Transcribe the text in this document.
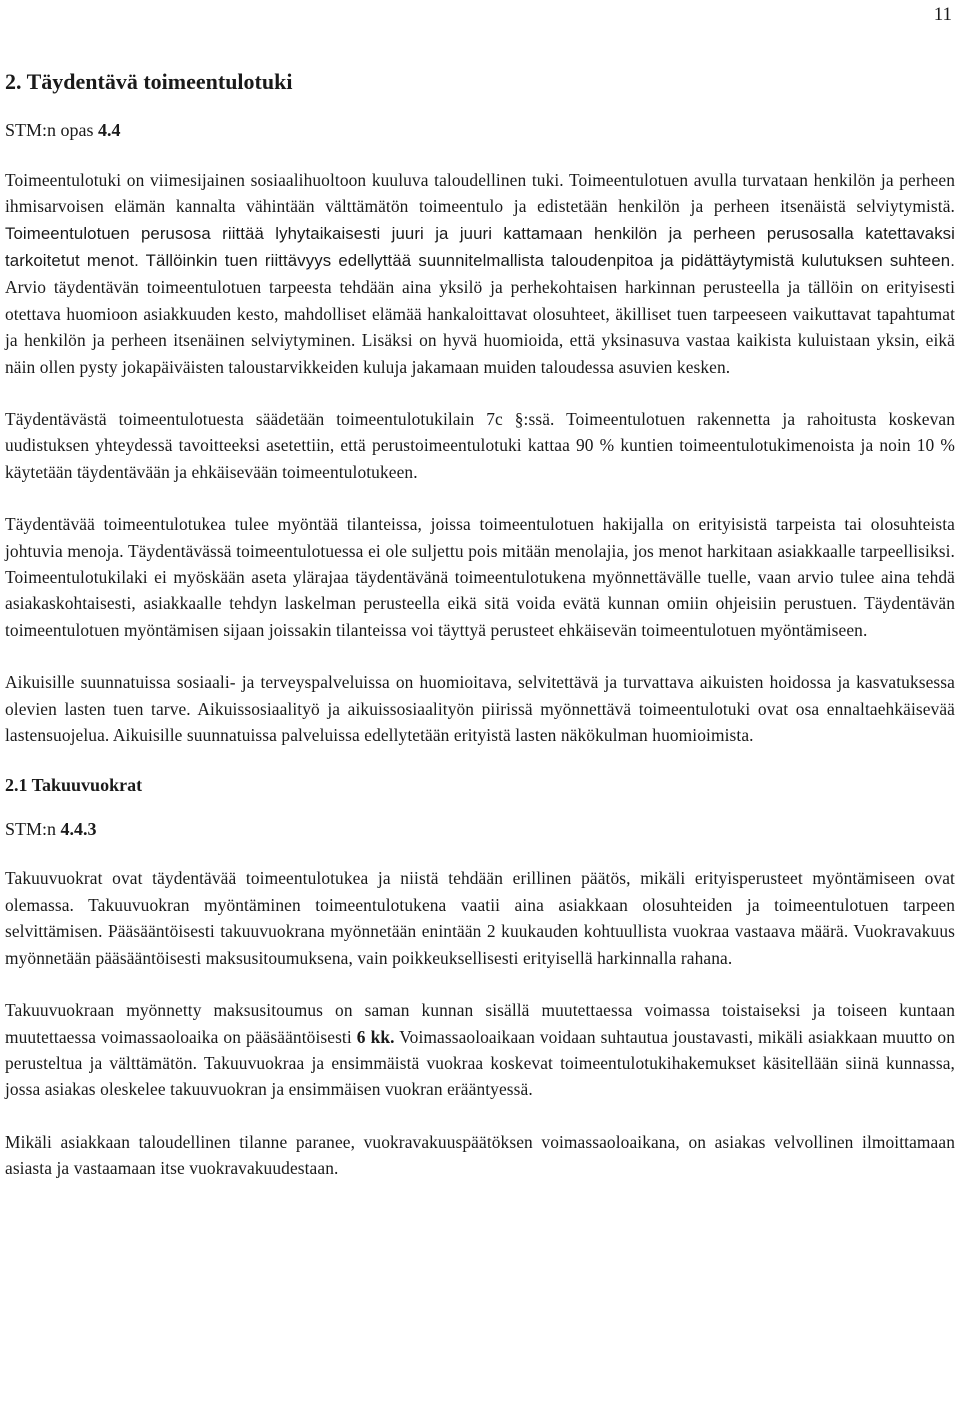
11
2. Täydentävä toimeentulotuki
STM:n opas 4.4

Toimeentulotuki on viimesijainen sosiaalihuoltoon kuuluva taloudellinen tuki. Toimeentulotuen avulla turvataan henkilön ja perheen ihmisarvoisen elämän kannalta vähintään välttämätön toimeentulo ja edistetään henkilön ja perheen itsenäistä selviytymistä. Toimeentulotuen perusosa riittää lyhytaikaisesti juuri ja juuri kattamaan henkilön ja perheen perusosalla katettavaksi tarkoitetut menot. Tällöinkin tuen riittävyys edellyttää suunnitelmallista taloudenpitoa ja pidättäytymistä kulutuksen suhteen. Arvio täydentävän toimeentulotuen tarpeesta tehdään aina yksilö ja perhekohtaisen harkinnan perusteella ja tällöin on erityisesti otettava huomioon asiakkuuden kesto, mahdolliset elämää hankaloittavat olosuhteet, äkilliset tuen tarpeeseen vaikuttavat tapahtumat ja henkilön ja perheen itsenäinen selviytyminen. Lisäksi on hyvä huomioida, että yksinasuva vastaa kaikista kuluistaan yksin, eikä näin ollen pysty jokapäiväisten taloustarvikkeiden kuluja jakamaan muiden taloudessa asuvien kesken.

Täydentävästä toimeentulotuesta säädetään toimeentulotukilain 7c §:ssä. Toimeentulotuen rakennetta ja rahoitusta koskevan uudistuksen yhteydessä tavoitteeksi asetettiin, että perustoimeentulotuki kattaa 90 % kuntien toimeentulotukimenoista ja noin 10 % käytetään täydentävään ja ehkäisevään toimeentulotukeen.

Täydentävää toimeentulotukea tulee myöntää tilanteissa, joissa toimeentulotuen hakijalla on erityisistä tarpeista tai olosuhteista johtuvia menoja. Täydentävässä toimeentulotuessa ei ole suljettu pois mitään menolajia, jos menot harkitaan asiakkaalle tarpeellisiksi. Toimeentulotukilaki ei myöskään aseta ylärajaa täydentävänä toimeentulotukena myönnettävälle tuelle, vaan arvio tulee aina tehdä asiakaskohtaisesti, asiakkaalle tehdyn laskelman perusteella eikä sitä voida evätä kunnan omiin ohjeisiin perustuen. Täydentävän toimeentulotuen myöntämisen sijaan joissakin tilanteissa voi täyttyä perusteet ehkäisevän toimeentulotuen myöntämiseen.

Aikuisille suunnatuissa sosiaali- ja terveyspalveluissa on huomioitava, selvitettävä ja turvattava aikuisten hoidossa ja kasvatuksessa olevien lasten tuen tarve. Aikuissosiaalityö ja aikuissosiaalityön piirissä myönnettävä toimeentulotuki ovat osa ennaltaehkäisevää lastensuojelua. Aikuisille suunnatuissa palveluissa edellytetään erityistä lasten näkökulman huomioimista.

2.1 Takuuvuokrat
STM:n 4.4.3

Takuuvuokrat ovat täydentävää toimeentulotukea ja niistä tehdään erillinen päätös, mikäli erityisperusteet myöntämiseen ovat olemassa. Takuuvuokran myöntäminen toimeentulotukena vaatii aina asiakkaan olosuhteiden ja toimeentulotuen tarpeen selvittämisen. Pääsääntöisesti takuuvuokrana myönnetään enintään 2 kuukauden kohtuullista vuokraa vastaava määrä. Vuokravakuus myönnetään pääsääntöisesti maksusitoumuksena, vain poikkeuksellisesti erityisellä harkinnalla rahana.

Takuuvuokraan myönnetty maksusitoumus on saman kunnan sisällä muutettaessa voimassa toistaiseksi ja toiseen kuntaan muutettaessa voimassaoloaika on pääsääntöisesti 6 kk. Voimassaoloaikaan voidaan suhtautua joustavasti, mikäli asiakkaan muutto on perusteltua ja välttämätön. Takuuvuokraa ja ensimmäistä vuokraa koskevat toimeentulotukihakemukset käsitellään siinä kunnassa, jossa asiakas oleskelee takuuvuokran ja ensimmäisen vuokran erääntyessä.

Mikäli asiakkaan taloudellinen tilanne paranee, vuokravakuuspäätöksen voimassaoloaikana, on asiakas velvollinen ilmoittamaan asiasta ja vastaamaan itse vuokravakuudestaan.
